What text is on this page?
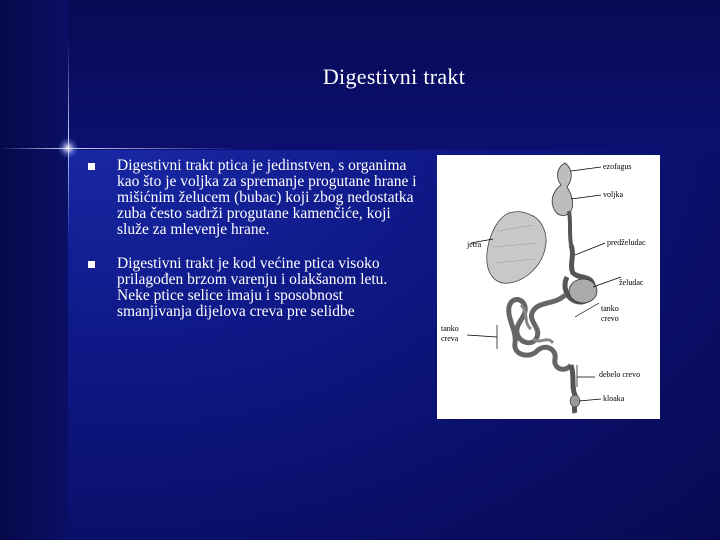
Digestivni trakt
Digestivni trakt ptica je jedinstven, s organima kao što je voljka za spremanje progutane hrane i mišićnim želucem (bubac) koji zbog nedostatka zuba često sadrži progutane kamenčiće, koji služe za mlevenje hrane.
Digestivni trakt je kod većine ptica visoko prilagođen brzom varenju i olakšanom letu. Neke ptice selice imaju i sposobnost smanjivanja dijelova creva pre selidbe
ezofagus
voljka
jetra	predželudac
želudac
tanko
crevo
tanko
creva
debelo crevo
kloaka
